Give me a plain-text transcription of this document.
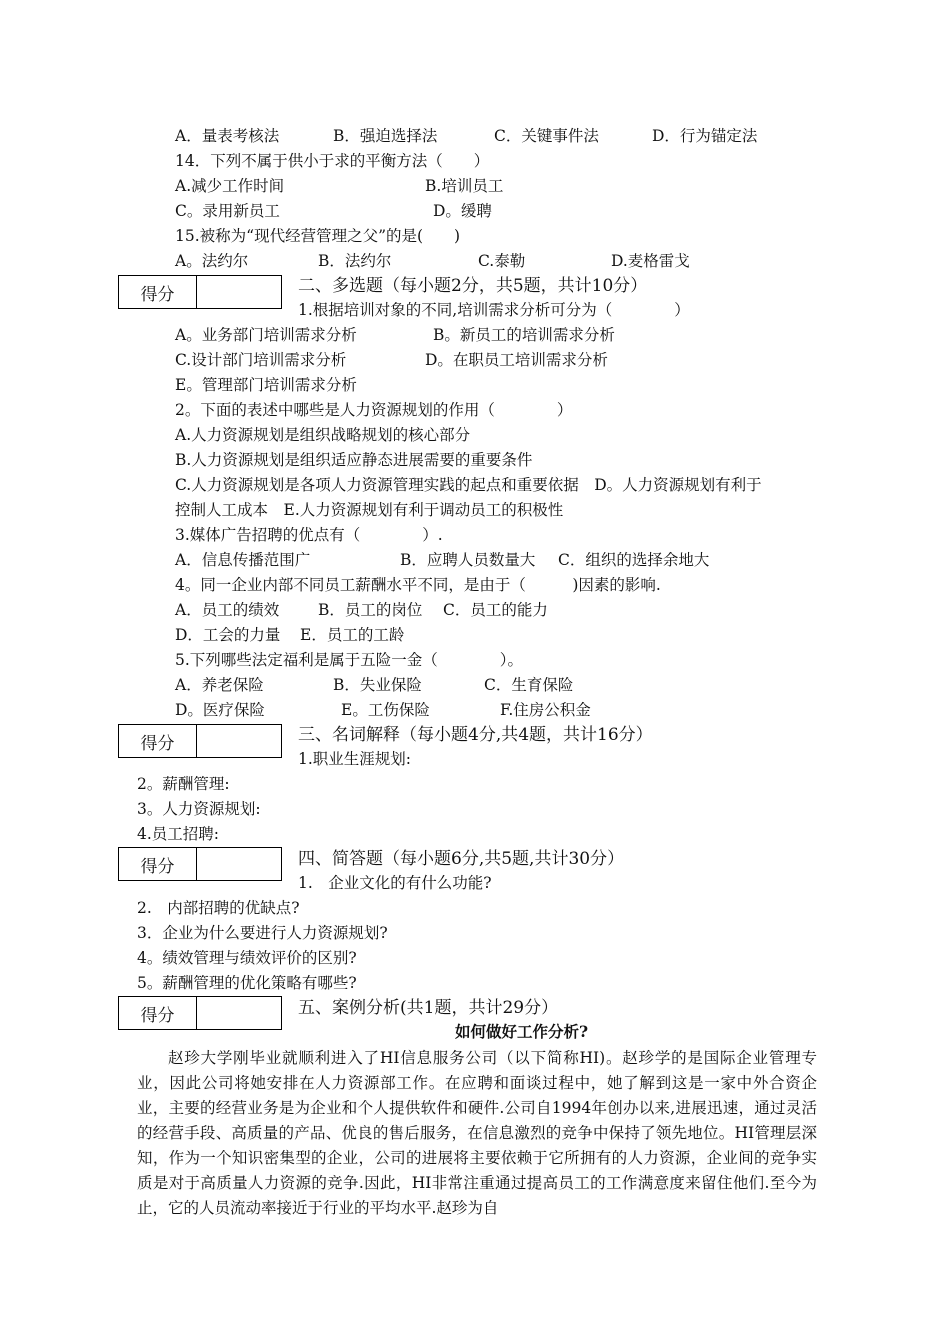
A．量表考核法	B．强迫选择法	C．关键事件法	D．行为锚定法
14．下列不属于供小于求的平衡方法（　　）
A.减少工作时间	B.培训员工
C。录用新员工	D。缓聘
15.被称为“现代经营管理之父”的是(　　)
A。法约尔	B．法约尔	C.泰勒	D.麦格雷戈
得分	二、多选题（每小题2分，共5题，共计10分）
1.根据培训对象的不同,培训需求分析可分为（　　　　）
A。业务部门培训需求分析	B。新员工的培训需求分析
C.设计部门培训需求分析	D。在职员工培训需求分析
E。管理部门培训需求分析
2。下面的表述中哪些是人力资源规划的作用（　　　　）
A.人力资源规划是组织战略规划的核心部分
B.人力资源规划是组织适应静态进展需要的重要条件
C.人力资源规划是各项人力资源管理实践的起点和重要依据　D。人力资源规划有利于
控制人工成本　E.人力资源规划有利于调动员工的积极性
3.媒体广告招聘的优点有（　　　　）.
A．信息传播范围广	B．应聘人员数量大 C．组织的选择余地大
4。同一企业内部不同员工薪酬水平不同，是由于（　　　)因素的影响.
A．员工的绩效	B．员工的岗位 C．员工的能力
D．工会的力量 E．员工的工龄
5.下列哪些法定福利是属于五险一金（　　　　）。
A．养老保险	B．失业保险	C．生育保险
D。医疗保险	E。工伤保险	F.住房公积金
得分	三、名词解释（每小题4分,共4题，共计16分）
1.职业生涯规划:
2。薪酬管理:
3。人力资源规划:
4.员工招聘:
得分	四、简答题（每小题6分,共5题,共计30分）
1.　企业文化的有什么功能?
2.　内部招聘的优缺点?
3．企业为什么要进行人力资源规划?
4。绩效管理与绩效评价的区别?
5。薪酬管理的优化策略有哪些?
得分	五、案例分析(共1题，共计29分）
如何做好工作分析?

赵珍大学刚毕业就顺利进入了HI信息服务公司（以下简称HI)。赵珍学的是国际企业管理专业，因此公司将她安排在人力资源部工作。在应聘和面谈过程中，她了解到这是一家中外合资企业，主要的经营业务是为企业和个人提供软件和硬件.公司自1994年创办以来,进展迅速，通过灵活的经营手段、高质量的产品、优良的售后服务，在信息激烈的竞争中保持了领先地位。HI管理层深知，作为一个知识密集型的企业，公司的进展将主要依赖于它所拥有的人力资源，企业间的竞争实质是对于高质量人力资源的竞争.因此，HI非常注重通过提高员工的工作满意度来留住他们.至今为止，它的人员流动率接近于行业的平均水平.赵珍为自
